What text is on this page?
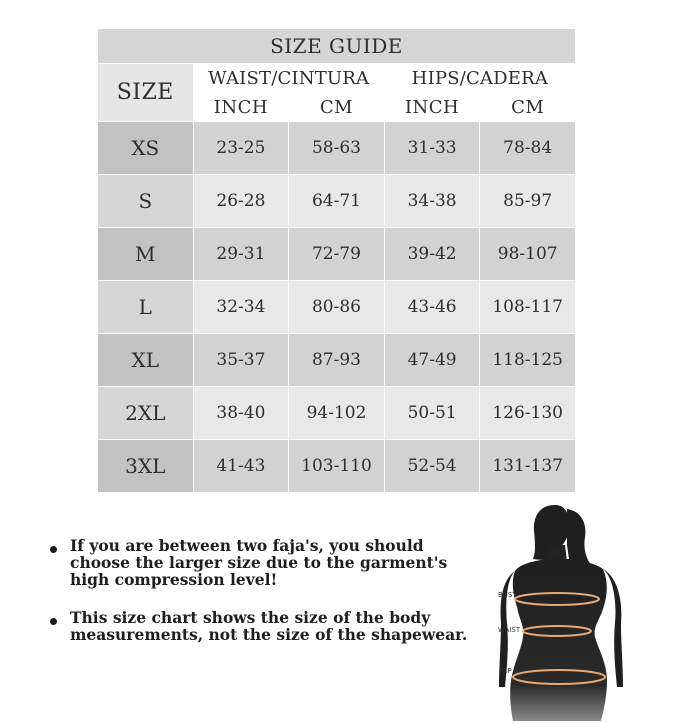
SIZE GUIDE				
SIZE	WAIST/CINTURA		HIPS/CADERA	
	INCH	CM	INCH	CM
XS	23-25	58-63	31-33	78-84
S	26-28	64-71	34-38	85-97
M	29-31	72-79	39-42	98-107
L	32-34	80-86	43-46	108-117
XL	35-37	87-93	47-49	118-125
2XL	38-40	94-102	50-51	126-130
3XL	41-43	103-110	52-54	131-137
If you are between two faja's, you should choose the larger size due to the garment's high compression level!
This size chart shows the size of the body measurements, not the size of the shapewear.
BUST
WAIST
HIP
